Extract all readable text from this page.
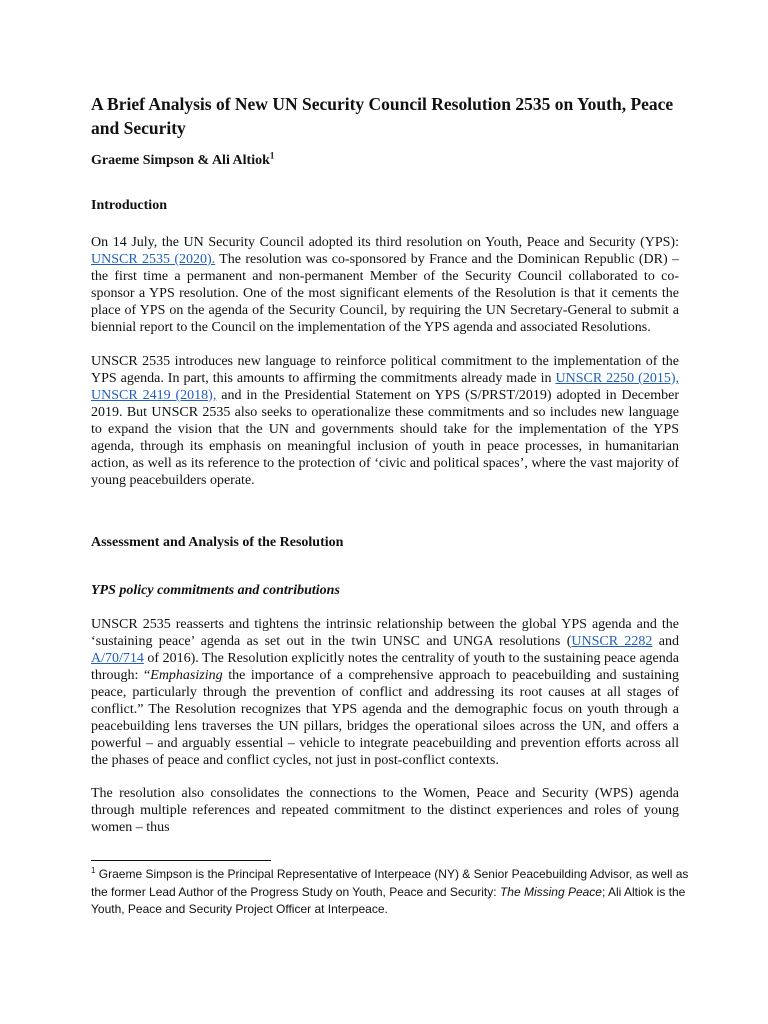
A Brief Analysis of New UN Security Council Resolution 2535 on Youth, Peace and Security
Graeme Simpson & Ali Altiok$^1$
Introduction

On 14 July, the UN Security Council adopted its third resolution on Youth, Peace and Security (YPS): UNSCR 2535 (2020). The resolution was co-sponsored by France and the Dominican Republic (DR) – the first time a permanent and non-permanent Member of the Security Council collaborated to co-sponsor a YPS resolution. One of the most significant elements of the Resolution is that it cements the place of YPS on the agenda of the Security Council, by requiring the UN Secretary-General to submit a biennial report to the Council on the implementation of the YPS agenda and associated Resolutions.

UNSCR 2535 introduces new language to reinforce political commitment to the implementation of the YPS agenda. In part, this amounts to affirming the commitments already made in UNSCR 2250 (2015), UNSCR 2419 (2018), and in the Presidential Statement on YPS (S/PRST/2019) adopted in December 2019. But UNSCR 2535 also seeks to operationalize these commitments and so includes new language to expand the vision that the UN and governments should take for the implementation of the YPS agenda, through its emphasis on meaningful inclusion of youth in peace processes, in humanitarian action, as well as its reference to the protection of ‘civic and political spaces’, where the vast majority of young peacebuilders operate.

Assessment and Analysis of the Resolution
YPS policy commitments and contributions

UNSCR 2535 reasserts and tightens the intrinsic relationship between the global YPS agenda and the ‘sustaining peace’ agenda as set out in the twin UNSC and UNGA resolutions (UNSCR 2282 and A/70/714 of 2016). The Resolution explicitly notes the centrality of youth to the sustaining peace agenda through: “Emphasizing the importance of a comprehensive approach to peacebuilding and sustaining peace, particularly through the prevention of conflict and addressing its root causes at all stages of conflict.” The Resolution recognizes that YPS agenda and the demographic focus on youth through a peacebuilding lens traverses the UN pillars, bridges the operational siloes across the UN, and offers a powerful – and arguably essential – vehicle to integrate peacebuilding and prevention efforts across all the phases of peace and conflict cycles, not just in post-conflict contexts.

The resolution also consolidates the connections to the Women, Peace and Security (WPS) agenda through multiple references and repeated commitment to the distinct experiences and roles of young women – thus

$^1$ Graeme Simpson is the Principal Representative of Interpeace (NY) & Senior Peacebuilding Advisor, as well as the former Lead Author of the Progress Study on Youth, Peace and Security: The Missing Peace; Ali Altiok is the Youth, Peace and Security Project Officer at Interpeace.
